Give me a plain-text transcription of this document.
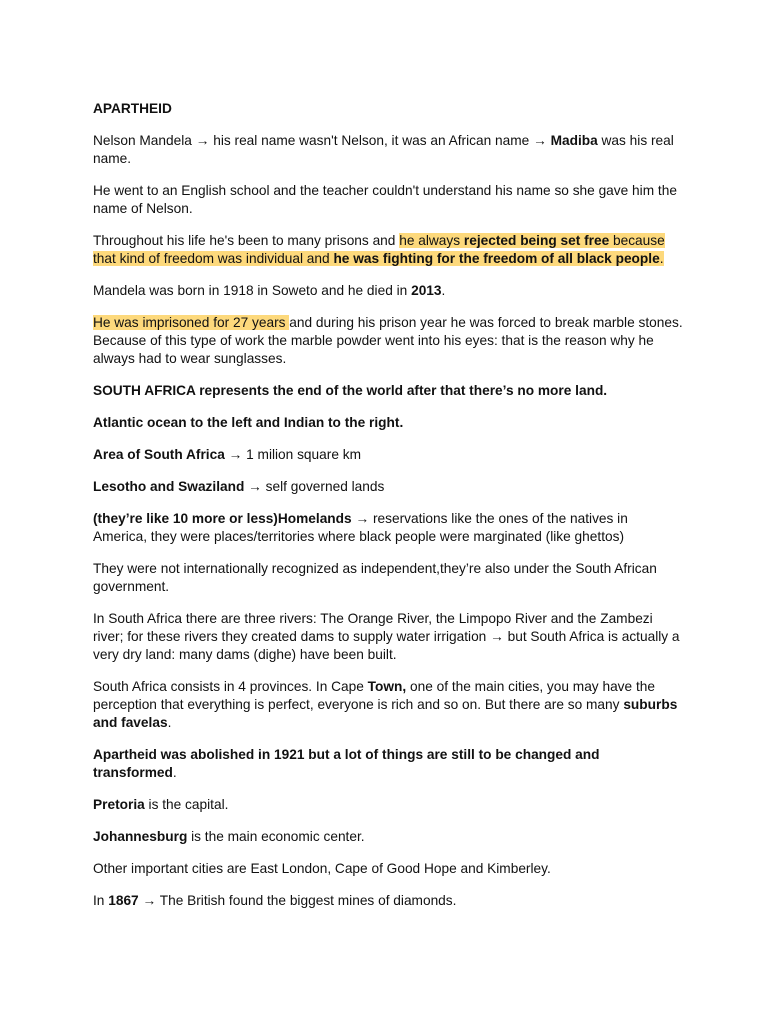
APARTHEID

Nelson Mandela → his real name wasn't Nelson, it was an African name → Madiba was his real name.

He went to an English school and the teacher couldn't understand his name so she gave him the name of Nelson.

Throughout his life he's been to many prisons and he always rejected being set free because that kind of freedom was individual and he was fighting for the freedom of all black people.

Mandela was born in 1918 in Soweto and he died in 2013.

He was imprisoned for 27 years and during his prison year he was forced to break marble stones. Because of this type of work the marble powder went into his eyes: that is the reason why he always had to wear sunglasses.

SOUTH AFRICA represents the end of the world after that there’s no more land.

Atlantic ocean to the left and Indian to the right.

Area of South Africa → 1 milion square km

Lesotho and Swaziland → self governed lands

(they’re like 10 more or less)Homelands → reservations like the ones of the natives in America, they were places/territories where black people were marginated (like ghettos)

They were not internationally recognized as independent,they’re also under the South African government.

In South Africa there are three rivers: The Orange River, the Limpopo River and the Zambezi river; for these rivers they created dams to supply water irrigation → but South Africa is actually a very dry land: many dams (dighe) have been built.

South Africa consists in 4 provinces. In Cape Town, one of the main cities, you may have the perception that everything is perfect, everyone is rich and so on. But there are so many suburbs and favelas.

Apartheid was abolished in 1921 but a lot of things are still to be changed and transformed.

Pretoria is the capital.

Johannesburg is the main economic center.

Other important cities are East London, Cape of Good Hope and Kimberley.

In 1867 → The British found the biggest mines of diamonds.
